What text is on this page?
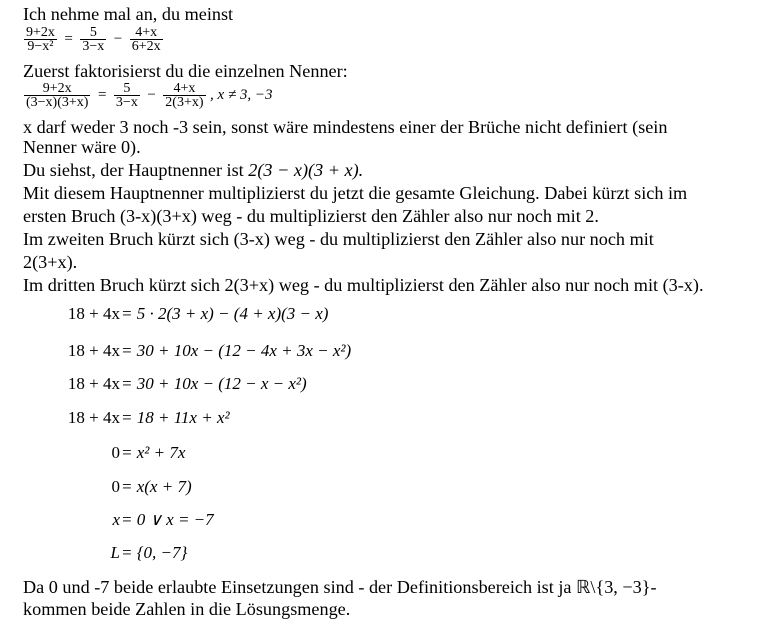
Ich nehme mal an, du meinst
$\frac{9+2x}{\text{9−x²}} = \frac{5}{3-x} - \frac{4+x}{6+2x}$
Zuerst faktorisierst du die einzelnen Nenner:
$\frac{9+2x}{(3-x)(3+x)} = \frac{5}{3-x} - \frac{4+x}{2(3+x)}$ , x ≠ 3, −3
x darf weder 3 noch -3 sein, sonst wäre mindestens einer der Brüche nicht definiert (sein
Nenner wäre 0).
Du siehst, der Hauptnenner ist 2(3 − x)(3 + x).
Mit diesem Hauptnenner multiplizierst du jetzt die gesamte Gleichung. Dabei kürzt sich im
ersten Bruch (3-x)(3+x) weg - du multiplizierst den Zähler also nur noch mit 2.
Im zweiten Bruch kürzt sich (3-x) weg - du multiplizierst den Zähler also nur noch mit
2(3+x).
Im dritten Bruch kürzt sich 2(3+x) weg - du multiplizierst den Zähler also nur noch mit (3-x).
18 + 4x = 5 · 2(3 + x) − (4 + x)(3 − x)
18 + 4x = 30 + 10x − (12 − 4x + 3x − x²)
18 + 4x = 30 + 10x − (12 − x − x²)
18 + 4x = 18 + 11x + x²
0 = x² + 7x
0 = x(x + 7)
x = 0 ∨ x = −7
L = {0, −7}
Da 0 und -7 beide erlaubte Einsetzungen sind - der Definitionsbereich ist ja ℝ\{3, −3}-
kommen beide Zahlen in die Lösungsmenge.
